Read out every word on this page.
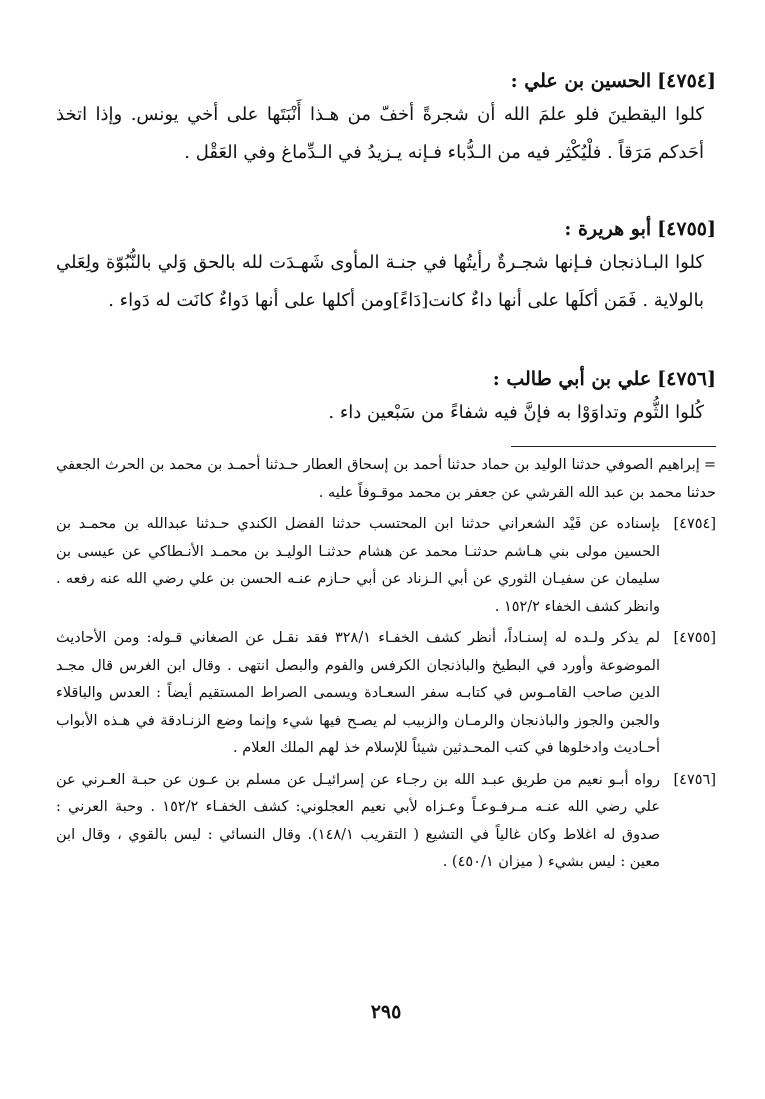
[٤٧٥٤]
الحسين بن علي :
كلوا اليقطينَ فلو علمَ الله أن شجرةً أخفّ من هـذا أَنْبَتَها على أخي يونس. وإذا اتخذ أحَدكم مَرَقاً . فلْيُكْثِر فيه من الـدُّباء فـإنه يـزيدُ في الـدِّماغ وفي العَقْل .
[٤٧٥٥]
أبو هريرة :
كلوا البـاذنجان فـإنها شجـرةٌ رأيتُها في جنـة المأوى شَهـدَت لله بالحق وَلي بالنُّبُوّة ولِعَلي بالولاية . فَمَن أكلَها على أنها داءٌ كانت[دَاءً]ومن أكلها على أنها دَواءٌ كانَت له دَواء .
[٤٧٥٦]
علي بن أبي طالب :
كُلوا الثُّوم وتداوَوْا به فإنَّ فيه شفاءً من سَبْعين داء .
=إبراهيم الصوفي حدثنا الوليد بن حماد حدثنا أحمد بن إسحاق العطار حـدثنا أحمـد بن محمد بن الحرث الجعفي حدثنا محمد بن عبد الله القرشي عن جعفر بن محمد موقـوفاً عليه .
[٤٧٥٤]
بإسناده عن فَيْد الشعراني حدثنا ابن المحتسب حدثنا الفضل الكندي حـدثنا عبدالله بن محمـد بن الحسين مولى بني هـاشم حدثنـا محمد عن هشام حدثنـا الوليـد بن محمـد الأنـطاكي عن عيسى بن سليمان عن سفيـان الثوري عن أبي الـزناد عن أبي حـازم عنـه الحسن بن علي رضي الله عنه رفعه . وانظر كشف الخفاء ١٥٢/٢ .
[٤٧٥٥]
لم يذكر ولـده له إسنـاداً، أنظر كشف الخفـاء ٣٢٨/١ فقد نقـل عن الصغاني قـوله: ومن الأحاديث الموضوعة وأورد في البطيخ والباذنجان الكرفس والفوم والبصل انتهى . وقال ابن الغرس قال مجـد الدين صاحب القامـوس في كتابـه سفر السعـادة ويسمى الصراط المستقيم أيضاً : العدس والباقلاء والجبن والجوز والباذنجان والرمـان والزبيب لم يصـح فيها شيء وإنما وضع الزنـادقة في هـذه الأبواب أحـاديث وادخلوها في كتب المحـدثين شيئاً للإسلام خذ لهم الملك العلام .
[٤٧٥٦]
رواه أبـو نعيم من طريق عبـد الله بن رجـاء عن إسرائيـل عن مسلم بن عـون عن حبـة العـرني عن علي رضي الله عنـه مـرفـوعـاً وعـزاه لأبي نعيم العجلوني: كشف الخفـاء ١٥٢/٢ . وحبة العرني : صدوق له اغلاط وكان غالياً في التشيع ( التقريب ١٤٨/١). وقال النسائي : ليس بالقوي ، وقال ابن معين : ليس بشيء ( ميزان ٤٥٠/١) .
٢٩٥
